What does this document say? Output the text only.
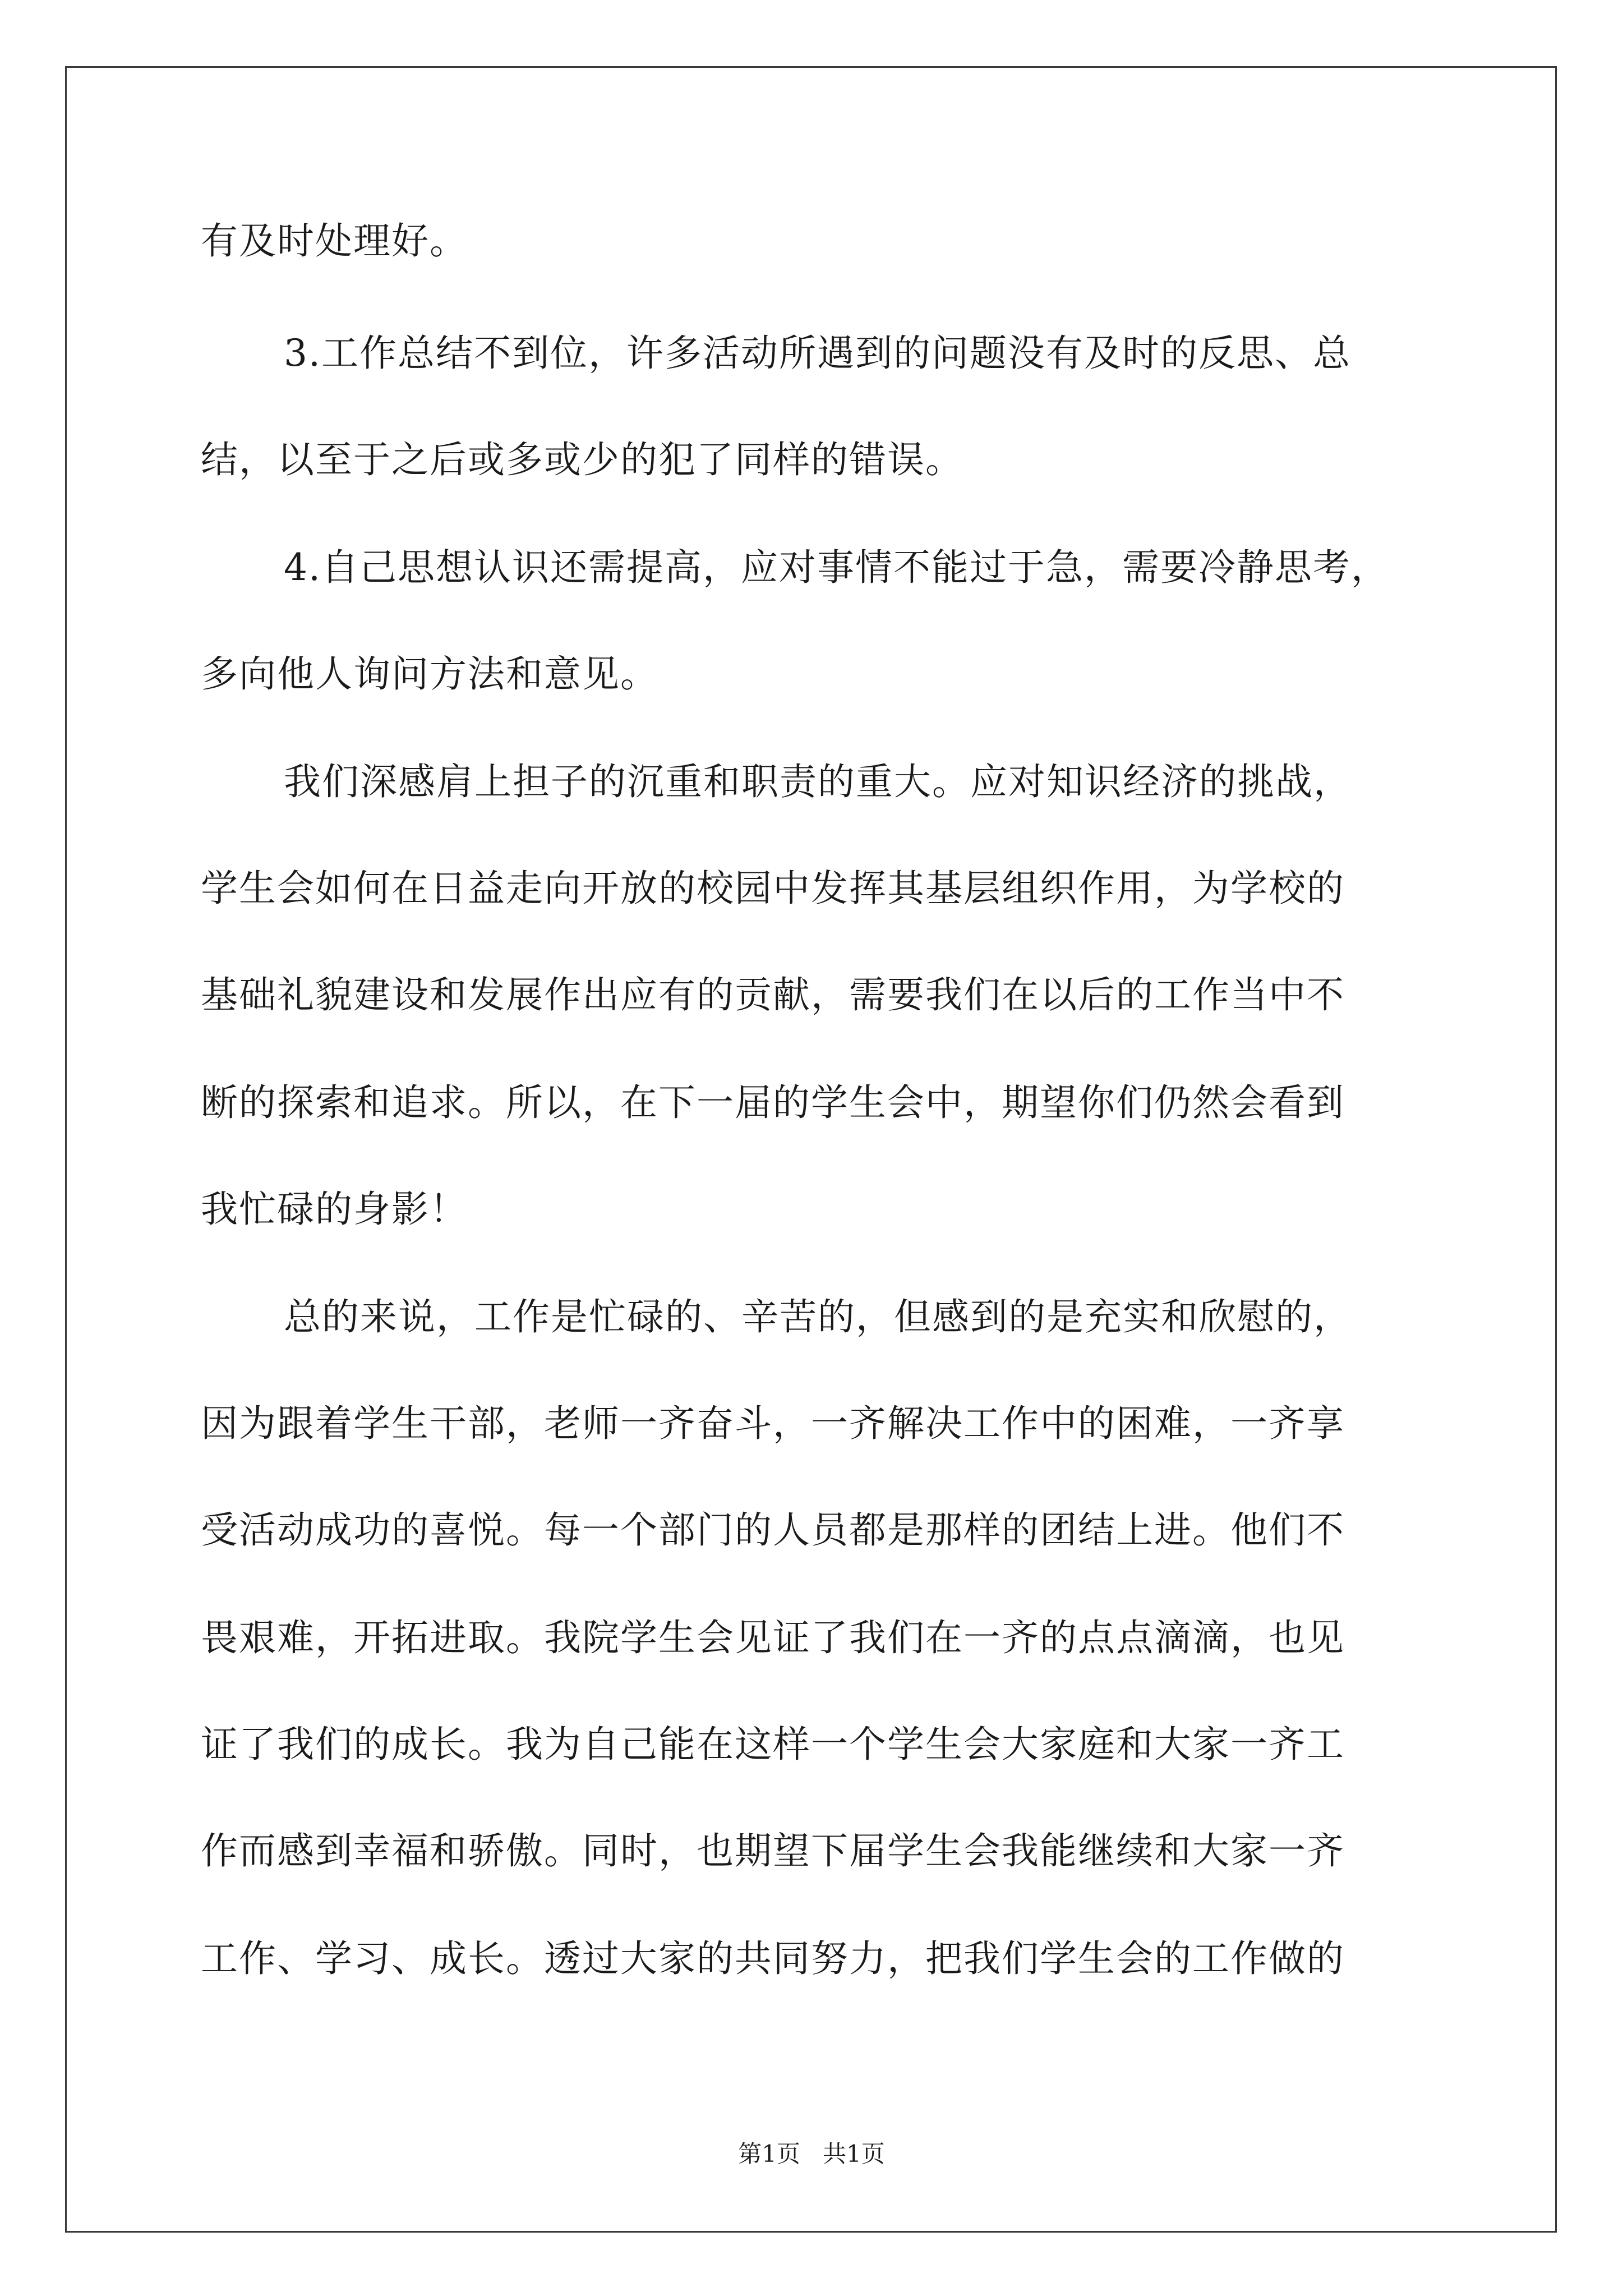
有及时处理好。
3.工作总结不到位，许多活动所遇到的问题没有及时的反思、总
结，以至于之后或多或少的犯了同样的错误。
4.自己思想认识还需提高，应对事情不能过于急，需要冷静思考，
多向他人询问方法和意见。
我们深感肩上担子的沉重和职责的重大。应对知识经济的挑战，
学生会如何在日益走向开放的校园中发挥其基层组织作用，为学校的
基础礼貌建设和发展作出应有的贡献，需要我们在以后的工作当中不
断的探索和追求。所以，在下一届的学生会中，期望你们仍然会看到
我忙碌的身影！
总的来说，工作是忙碌的、辛苦的，但感到的是充实和欣慰的，
因为跟着学生干部，老师一齐奋斗，一齐解决工作中的困难，一齐享
受活动成功的喜悦。每一个部门的人员都是那样的团结上进。他们不
畏艰难，开拓进取。我院学生会见证了我们在一齐的点点滴滴，也见
证了我们的成长。我为自己能在这样一个学生会大家庭和大家一齐工
作而感到幸福和骄傲。同时，也期望下届学生会我能继续和大家一齐
工作、学习、成长。透过大家的共同努力，把我们学生会的工作做的
第1页 共1页
